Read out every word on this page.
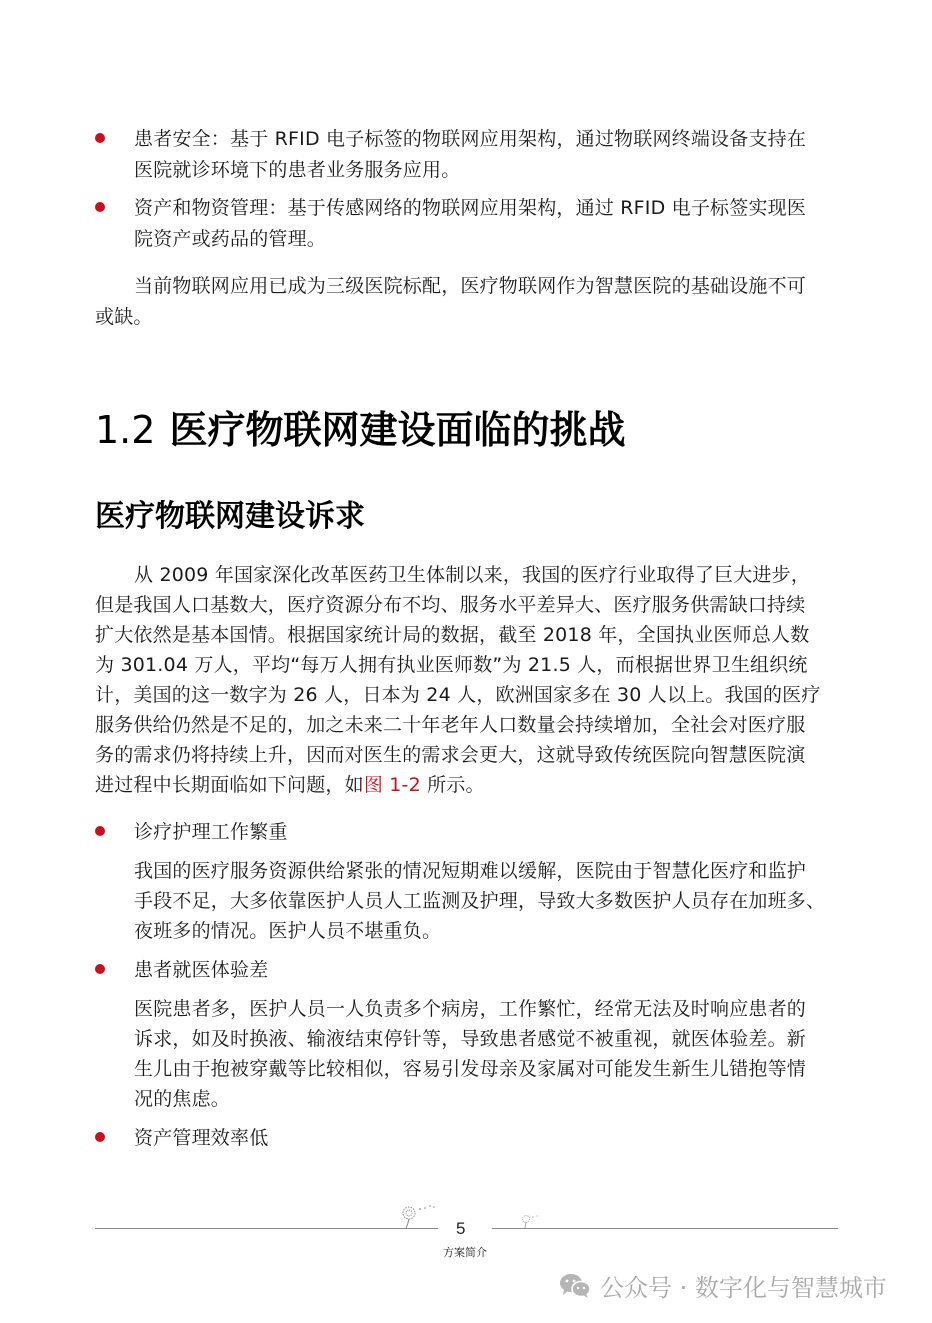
患者安全：基于 RFID 电子标签的物联网应用架构，通过物联网终端设备支持在
医院就诊环境下的患者业务服务应用。
资产和物资管理：基于传感网络的物联网应用架构，通过 RFID 电子标签实现医
院资产或药品的管理。
当前物联网应用已成为三级医院标配，医疗物联网作为智慧医院的基础设施不可
或缺。
1.2 医疗物联网建设面临的挑战
医疗物联网建设诉求
从 2009 年国家深化改革医药卫生体制以来，我国的医疗行业取得了巨大进步，
但是我国人口基数大，医疗资源分布不均、服务水平差异大、医疗服务供需缺口持续
扩大依然是基本国情。根据国家统计局的数据，截至 2018 年，全国执业医师总人数
为 301.04 万人，平均“每万人拥有执业医师数”为 21.5 人，而根据世界卫生组织统
计，美国的这一数字为 26 人，日本为 24 人，欧洲国家多在 30 人以上。我国的医疗
服务供给仍然是不足的，加之未来二十年老年人口数量会持续增加，全社会对医疗服
务的需求仍将持续上升，因而对医生的需求会更大，这就导致传统医院向智慧医院演
进过程中长期面临如下问题，如图 1-2 所示。
诊疗护理工作繁重
我国的医疗服务资源供给紧张的情况短期难以缓解，医院由于智慧化医疗和监护
手段不足，大多依靠医护人员人工监测及护理，导致大多数医护人员存在加班多、
夜班多的情况。医护人员不堪重负。
患者就医体验差
医院患者多，医护人员一人负责多个病房，工作繁忙，经常无法及时响应患者的
诉求，如及时换液、输液结束停针等，导致患者感觉不被重视，就医体验差。新
生儿由于抱被穿戴等比较相似，容易引发母亲及家属对可能发生新生儿错抱等情
况的焦虑。
资产管理效率低
5
方案简介
公众号 · 数字化与智慧城市
